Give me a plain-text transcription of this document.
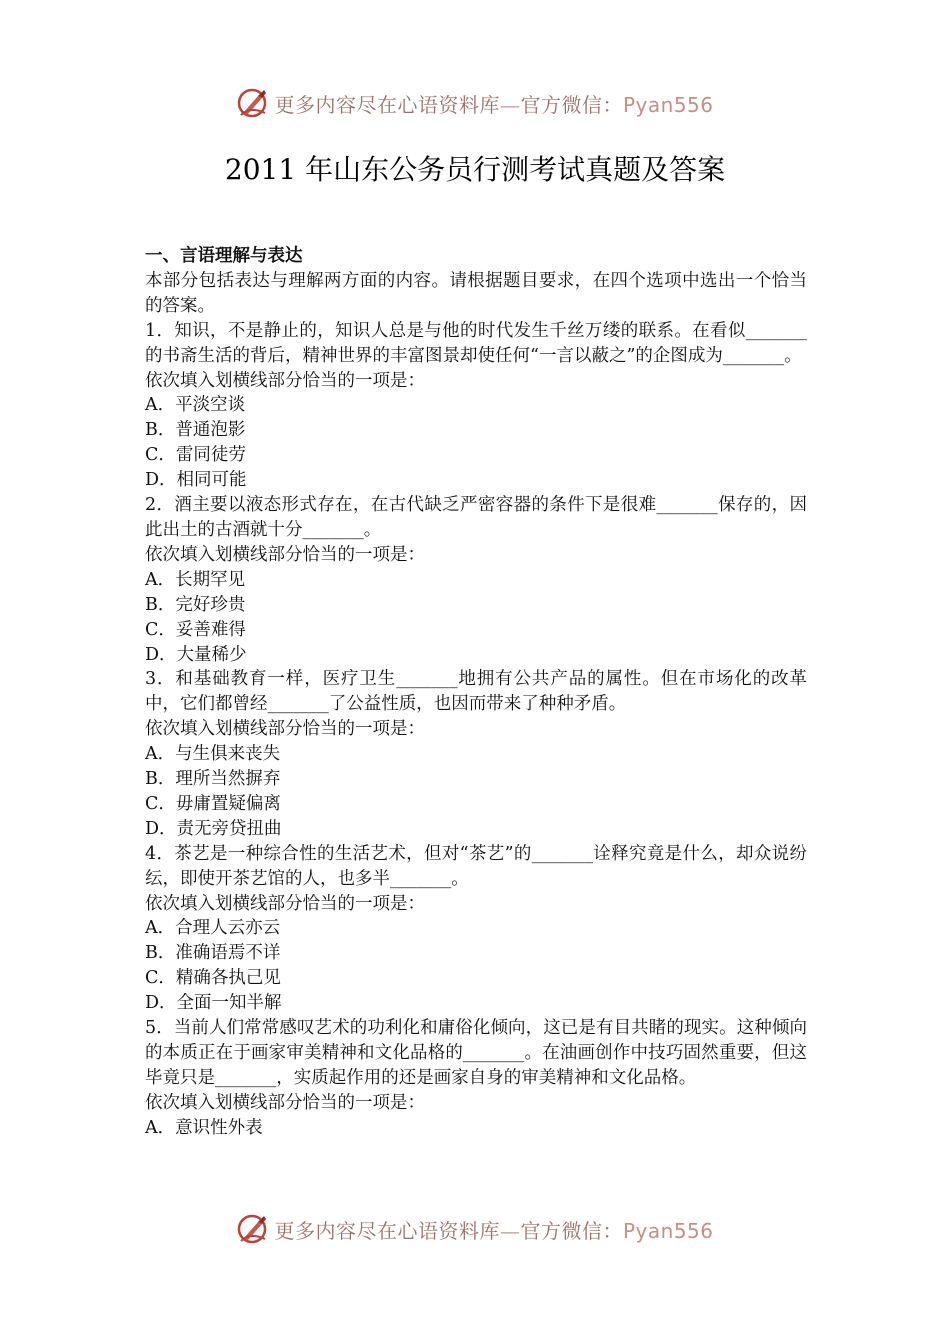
更多内容尽在心语资料库—官方微信：Pyan556
2011 年山东公务员行测考试真题及答案

一、言语理解与表达

本部分包括表达与理解两方面的内容。请根据题目要求，在四个选项中选出一个恰当的答案。

1．知识，不是静止的，知识人总是与他的时代发生千丝万缕的联系。在看似_______的书斋生活的背后，精神世界的丰富图景却使任何“一言以蔽之”的企图成为_______。

依次填入划横线部分恰当的一项是：

A．平淡空谈

B．普通泡影

C．雷同徒劳

D．相同可能

2．酒主要以液态形式存在，在古代缺乏严密容器的条件下是很难_______保存的，因此出土的古酒就十分_______。

依次填入划横线部分恰当的一项是：

A．长期罕见

B．完好珍贵

C．妥善难得

D．大量稀少

3．和基础教育一样，医疗卫生_______地拥有公共产品的属性。但在市场化的改革中，它们都曾经_______了公益性质，也因而带来了种种矛盾。

依次填入划横线部分恰当的一项是：

A．与生俱来丧失

B．理所当然摒弃

C．毋庸置疑偏离

D．责无旁贷扭曲

4．茶艺是一种综合性的生活艺术，但对“茶艺”的_______诠释究竟是什么，却众说纷纭，即使开茶艺馆的人，也多半_______。

依次填入划横线部分恰当的一项是：

A．合理人云亦云

B．准确语焉不详

C．精确各执己见

D．全面一知半解

5．当前人们常常感叹艺术的功利化和庸俗化倾向，这已是有目共睹的现实。这种倾向的本质正在于画家审美精神和文化品格的_______。在油画创作中技巧固然重要，但这毕竟只是_______，实质起作用的还是画家自身的审美精神和文化品格。

依次填入划横线部分恰当的一项是：

A．意识性外表

更多内容尽在心语资料库—官方微信：Pyan556
